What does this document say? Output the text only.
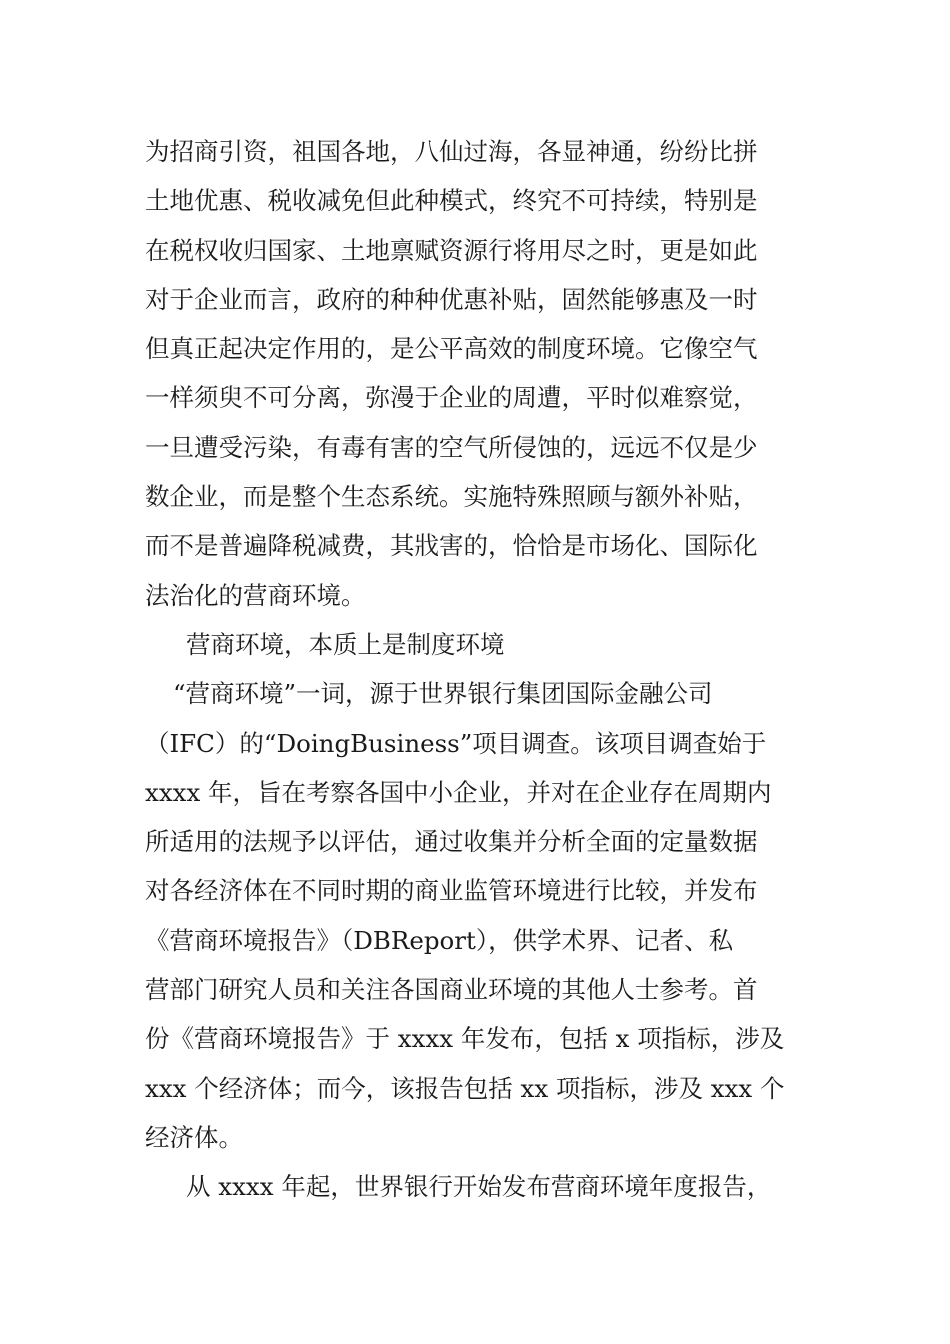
为招商引资，祖国各地，八仙过海，各显神通，纷纷比拼
土地优惠、税收减免但此种模式，终究不可持续，特别是
在税权收归国家、土地禀赋资源行将用尽之时，更是如此
对于企业而言，政府的种种优惠补贴，固然能够惠及一时
但真正起决定作用的，是公平高效的制度环境。它像空气
一样须臾不可分离，弥漫于企业的周遭，平时似难察觉，
一旦遭受污染，有毒有害的空气所侵蚀的，远远不仅是少
数企业，而是整个生态系统。实施特殊照顾与额外补贴，
而不是普遍降税减费，其戕害的，恰恰是市场化、国际化
法治化的营商环境。
营商环境，本质上是制度环境
“营商环境”一词，源于世界银行集团国际金融公司
（IFC）的“DoingBusiness”项目调查。该项目调查始于
xxxx 年，旨在考察各国中小企业，并对在企业存在周期内
所适用的法规予以评估，通过收集并分析全面的定量数据
对各经济体在不同时期的商业监管环境进行比较，并发布
《营商环境报告》（DBReport），供学术界、记者、私
营部门研究人员和关注各国商业环境的其他人士参考。首
份《营商环境报告》于 xxxx 年发布，包括 x 项指标，涉及
xxx 个经济体；而今，该报告包括 xx 项指标，涉及 xxx 个
经济体。
从 xxxx 年起，世界银行开始发布营商环境年度报告，
